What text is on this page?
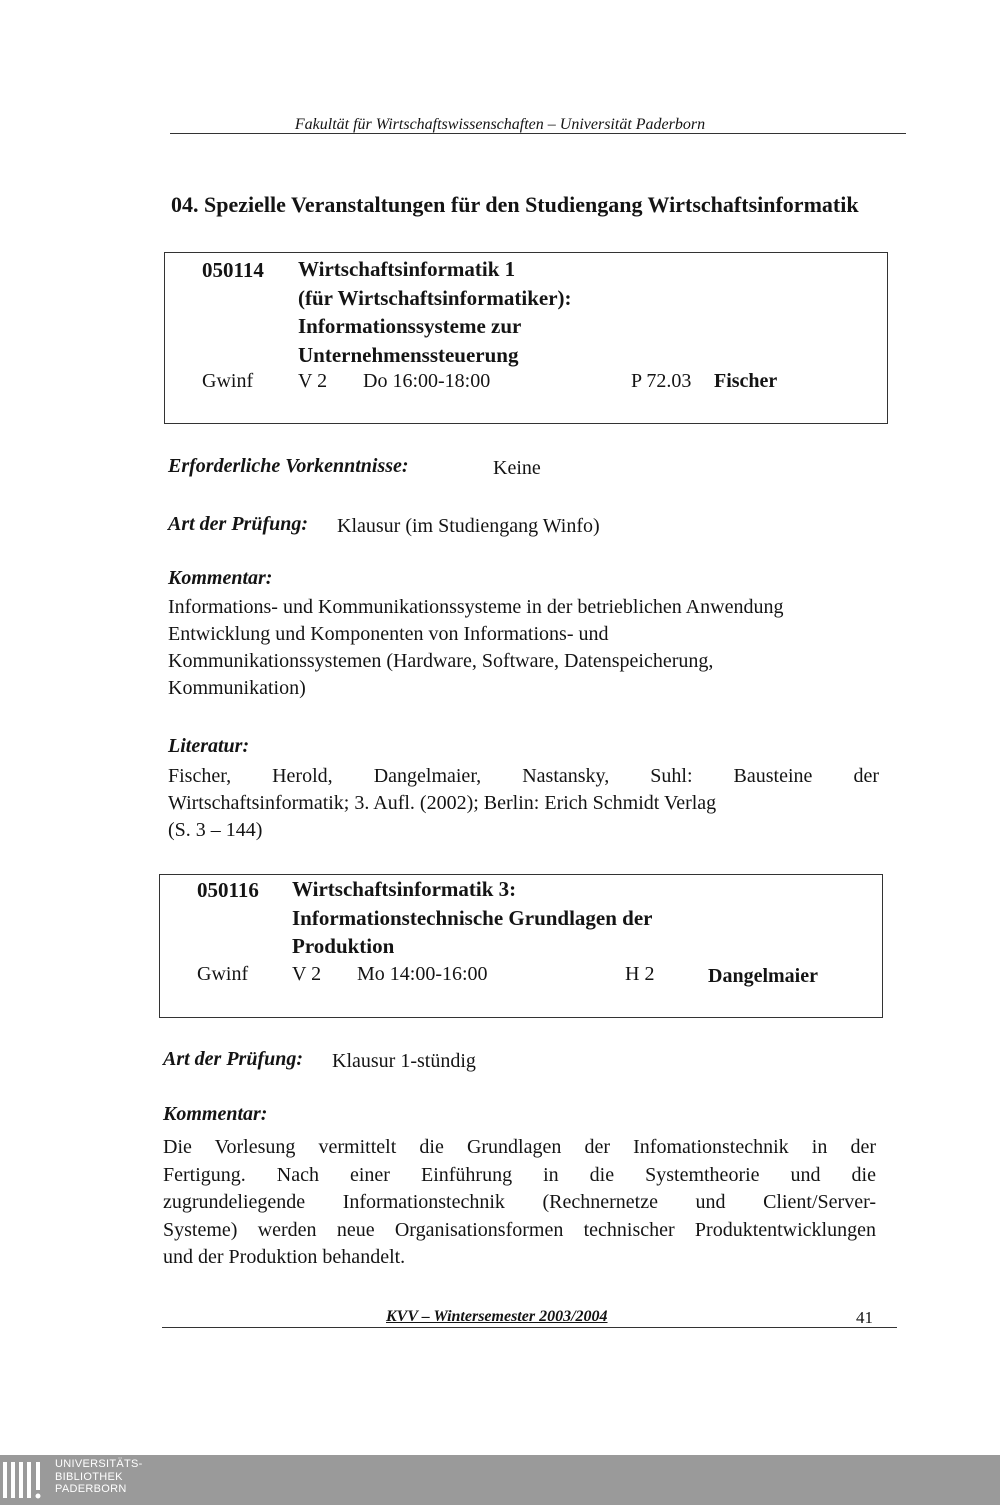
Fakultät für Wirtschaftswissenschaften – Universität Paderborn
04. Spezielle Veranstaltungen für den Studiengang Wirtschaftsinformatik
050114 Wirtschaftsinformatik 1
(für Wirtschaftsinformatiker):
Informationssysteme zur
Unternehmenssteuerung
Gwinf V 2 Do 16:00-18:00	P 72.03 Fischer
Erforderliche Vorkenntnisse:	Keine
Art der Prüfung: Klausur (im Studiengang Winfo)
Kommentar:
Informations- und Kommunikationssysteme in der betrieblichen Anwendung
Entwicklung und Komponenten von Informations- und
Kommunikationssystemen (Hardware, Software, Datenspeicherung,
Kommunikation)
Literatur:
Fischer, Herold, Dangelmaier, Nastansky, Suhl: Bausteine der
Wirtschaftsinformatik; 3. Aufl. (2002); Berlin: Erich Schmidt Verlag
(S. 3 – 144)
050116 Wirtschaftsinformatik 3:
Informationstechnische Grundlagen der
Produktion
Gwinf V 2 Mo 14:00-16:00	H 2	Dangelmaier
Art der Prüfung: Klausur 1-stündig
Kommentar:
Die Vorlesung vermittelt die Grundlagen der Infomationstechnik in der
Fertigung. Nach einer Einführung in die Systemtheorie und die
zugrundeliegende Informationstechnik (Rechnernetze und Client/Server-
Systeme) werden neue Organisationsformen technischer Produktentwicklungen
und der Produktion behandelt.
KVV – Wintersemester 2003/2004	41
UNIVERSITÄTS-
BIBLIOTHEK
PADERBORN
